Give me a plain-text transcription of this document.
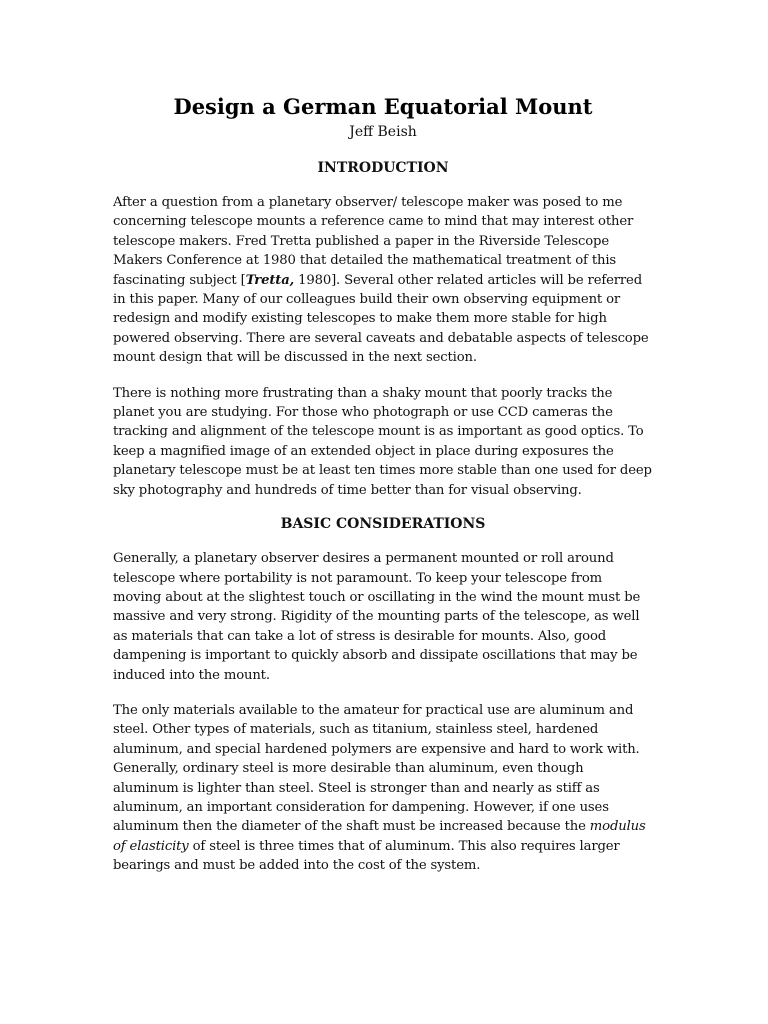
Design a German Equatorial Mount
Jeff Beish
INTRODUCTION

After a question from a planetary observer/ telescope maker was posed to me concerning telescope mounts a reference came to mind that may interest other telescope makers. Fred Tretta published a paper in the Riverside Telescope Makers Conference at 1980 that detailed the mathematical treatment of this fascinating subject [Tretta, 1980]. Several other related articles will be referred in this paper. Many of our colleagues build their own observing equipment or redesign and modify existing telescopes to make them more stable for high powered observing. There are several caveats and debatable aspects of telescope mount design that will be discussed in the next section.

There is nothing more frustrating than a shaky mount that poorly tracks the planet you are studying. For those who photograph or use CCD cameras the tracking and alignment of the telescope mount is as important as good optics. To keep a magnified image of an extended object in place during exposures the planetary telescope must be at least ten times more stable than one used for deep sky photography and hundreds of time better than for visual observing.

BASIC CONSIDERATIONS

Generally, a planetary observer desires a permanent mounted or roll around telescope where portability is not paramount. To keep your telescope from moving about at the slightest touch or oscillating in the wind the mount must be massive and very strong. Rigidity of the mounting parts of the telescope, as well as materials that can take a lot of stress is desirable for mounts. Also, good dampening is important to quickly absorb and dissipate oscillations that may be induced into the mount.

The only materials available to the amateur for practical use are aluminum and steel. Other types of materials, such as titanium, stainless steel, hardened aluminum, and special hardened polymers are expensive and hard to work with. Generally, ordinary steel is more desirable than aluminum, even though aluminum is lighter than steel. Steel is stronger than and nearly as stiff as aluminum, an important consideration for dampening. However, if one uses aluminum then the diameter of the shaft must be increased because the modulus of elasticity of steel is three times that of aluminum. This also requires larger bearings and must be added into the cost of the system.
